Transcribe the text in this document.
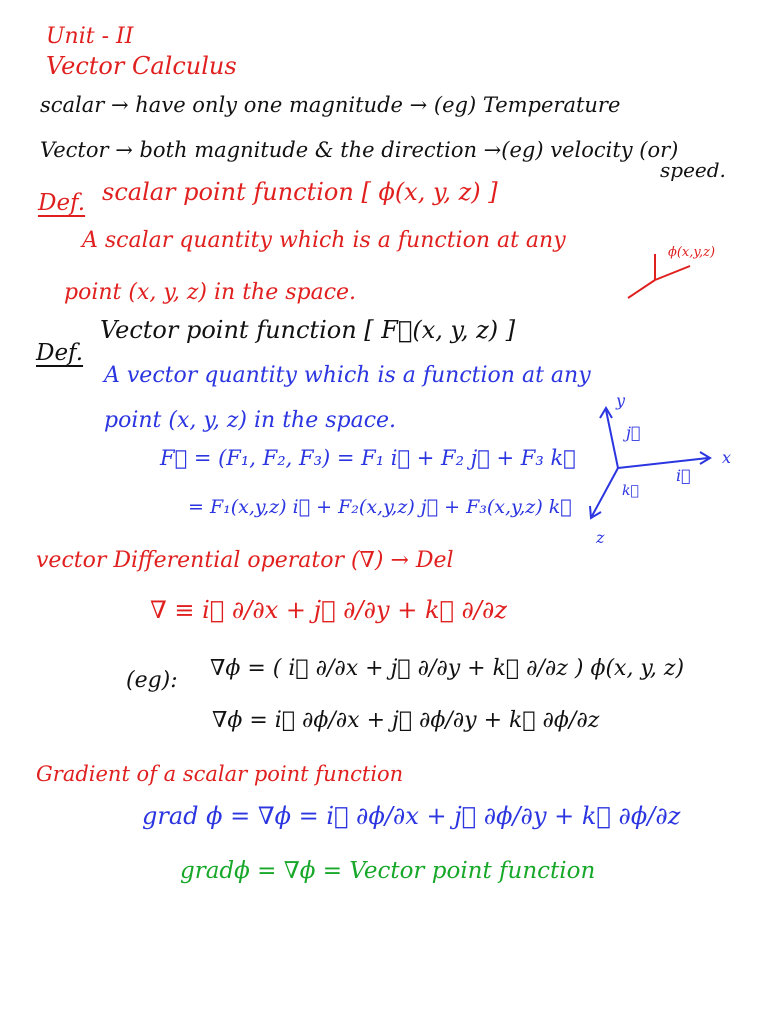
Unit - II
Vector Calculus
scalar → have only one magnitude → (eg) Temperature
Vector → both magnitude & the direction →(eg) velocity (or)
speed.
Def. scalar point function [ ϕ(x, y, z) ]
A scalar quantity which is a function at any
point (x, y, z) in the space.
ϕ(x,y,z)
Def.
Vector point function [ F⃗(x, y, z) ]
A vector quantity which is a function at any
point (x, y, z) in the space.
F⃗ = (F₁, F₂, F₃) = F₁ i⃗ + F₂ j⃗ + F₃ k⃗
= F₁(x,y,z) i⃗ + F₂(x,y,z) j⃗ + F₃(x,y,z) k⃗
y
j⃗
x
i⃗
k⃗
z
vector Differential operator (∇) → Del
∇ ≡ i⃗ ∂/∂x + j⃗ ∂/∂y + k⃗ ∂/∂z
(eg): ∇ϕ = ( i⃗ ∂/∂x + j⃗ ∂/∂y + k⃗ ∂/∂z ) ϕ(x, y, z)
∇ϕ = i⃗ ∂ϕ/∂x + j⃗ ∂ϕ/∂y + k⃗ ∂ϕ/∂z
Gradient of a scalar point function
grad ϕ = ∇ϕ = i⃗ ∂ϕ/∂x + j⃗ ∂ϕ/∂y + k⃗ ∂ϕ/∂z
gradϕ = ∇ϕ = Vector point function
